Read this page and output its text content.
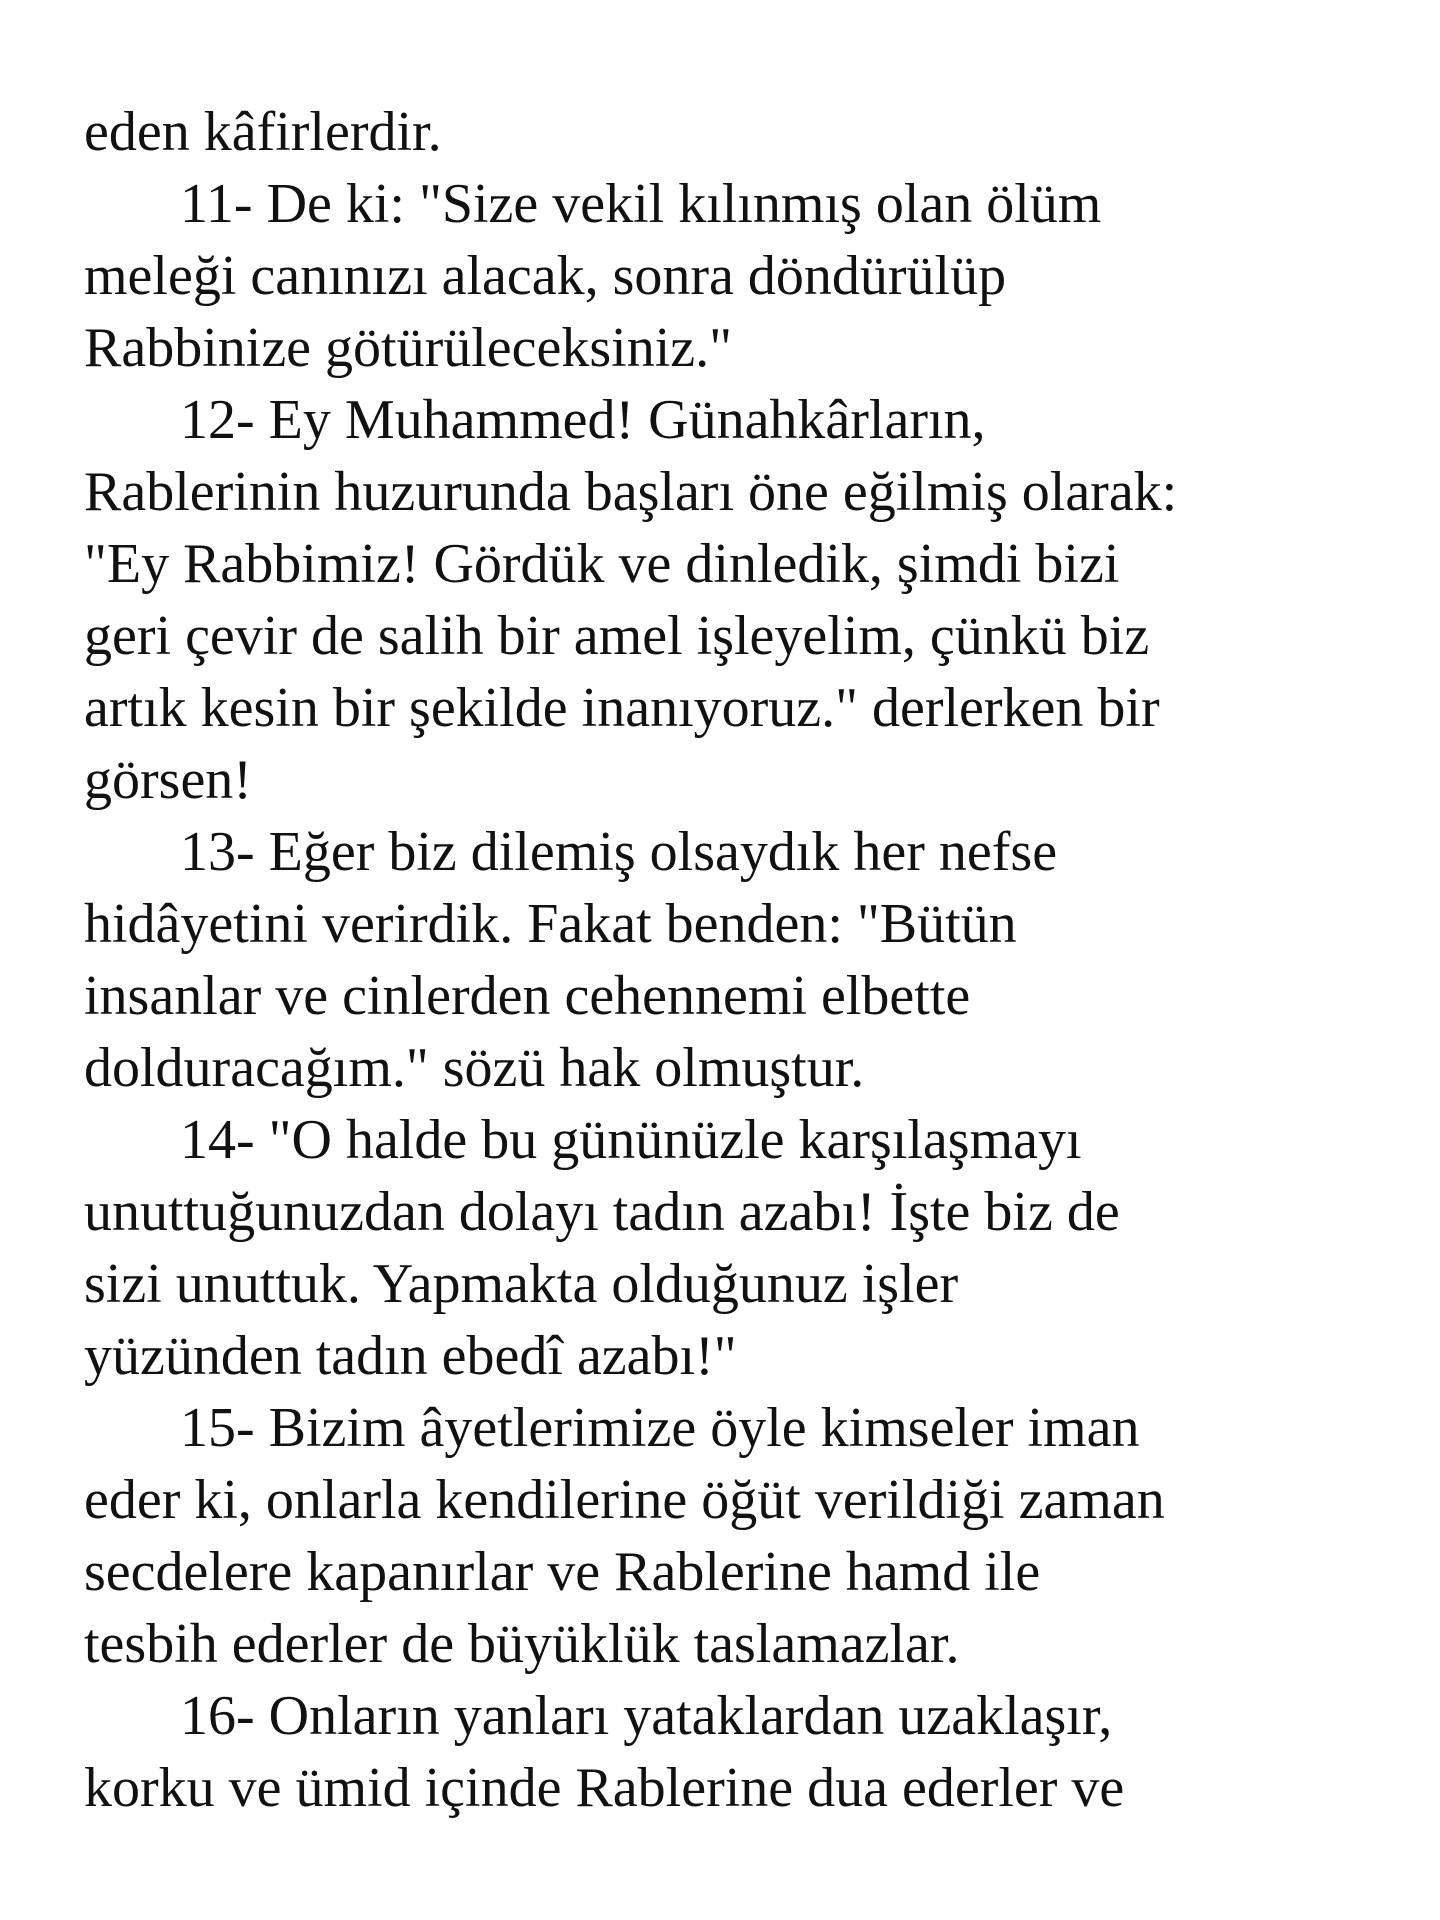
eden kâfirlerdir.
11- De ki: "Size vekil kılınmış olan ölüm
meleği canınızı alacak, sonra döndürülüp
Rabbinize götürüleceksiniz."
12- Ey Muhammed! Günahkârların,
Rablerinin huzurunda başları öne eğilmiş olarak:
"Ey Rabbimiz! Gördük ve dinledik, şimdi bizi
geri çevir de salih bir amel işleyelim, çünkü biz
artık kesin bir şekilde inanıyoruz." derlerken bir
görsen!
13- Eğer biz dilemiş olsaydık her nefse
hidâyetini verirdik. Fakat benden: "Bütün
insanlar ve cinlerden cehennemi elbette
dolduracağım." sözü hak olmuştur.
14- "O halde bu gününüzle karşılaşmayı
unuttuğunuzdan dolayı tadın azabı! İşte biz de
sizi unuttuk. Yapmakta olduğunuz işler
yüzünden tadın ebedî azabı!"
15- Bizim âyetlerimize öyle kimseler iman
eder ki, onlarla kendilerine öğüt verildiği zaman
secdelere kapanırlar ve Rablerine hamd ile
tesbih ederler de büyüklük taslamazlar.
16- Onların yanları yataklardan uzaklaşır,
korku ve ümid içinde Rablerine dua ederler ve
